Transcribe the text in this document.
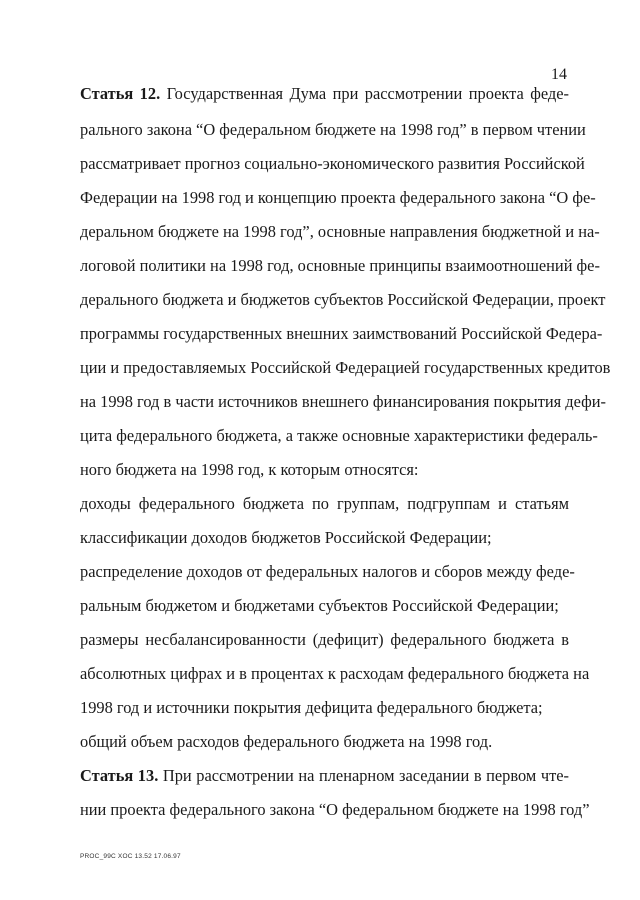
14
Статья 12. Государственная Дума при рассмотрении проекта феде-
рального закона “О федеральном бюджете на 1998 год” в первом чтении
рассматривает прогноз социально-экономического развития Российской
Федерации на 1998 год и концепцию проекта федерального закона “О фе-
деральном бюджете на 1998 год”, основные направления бюджетной и на-
логовой политики на 1998 год, основные принципы взаимоотношений фе-
дерального бюджета и бюджетов субъектов Российской Федерации, проект
программы государственных внешних заимствований Российской Федера-
ции и предоставляемых Российской Федерацией государственных кредитов
на 1998 год в части источников внешнего финансирования покрытия дефи-
цита федерального бюджета, а также основные характеристики федераль-
ного бюджета на 1998 год, к которым относятся:
доходы федерального бюджета по группам, подгруппам и статьям
классификации доходов бюджетов Российской Федерации;
распределение доходов от федеральных налогов и сборов между феде-
ральным бюджетом и бюджетами субъектов Российской Федерации;
размеры несбалансированности (дефицит) федерального бюджета в
абсолютных цифрах и в процентах к расходам федерального бюджета на
1998 год и источники покрытия дефицита федерального бюджета;
общий объем расходов федерального бюджета на 1998 год.
Статья 13. При рассмотрении на пленарном заседании в первом чте-
нии проекта федерального закона “О федеральном бюджете на 1998 год”
PROC_99C XOC 13.52 17.06.97
